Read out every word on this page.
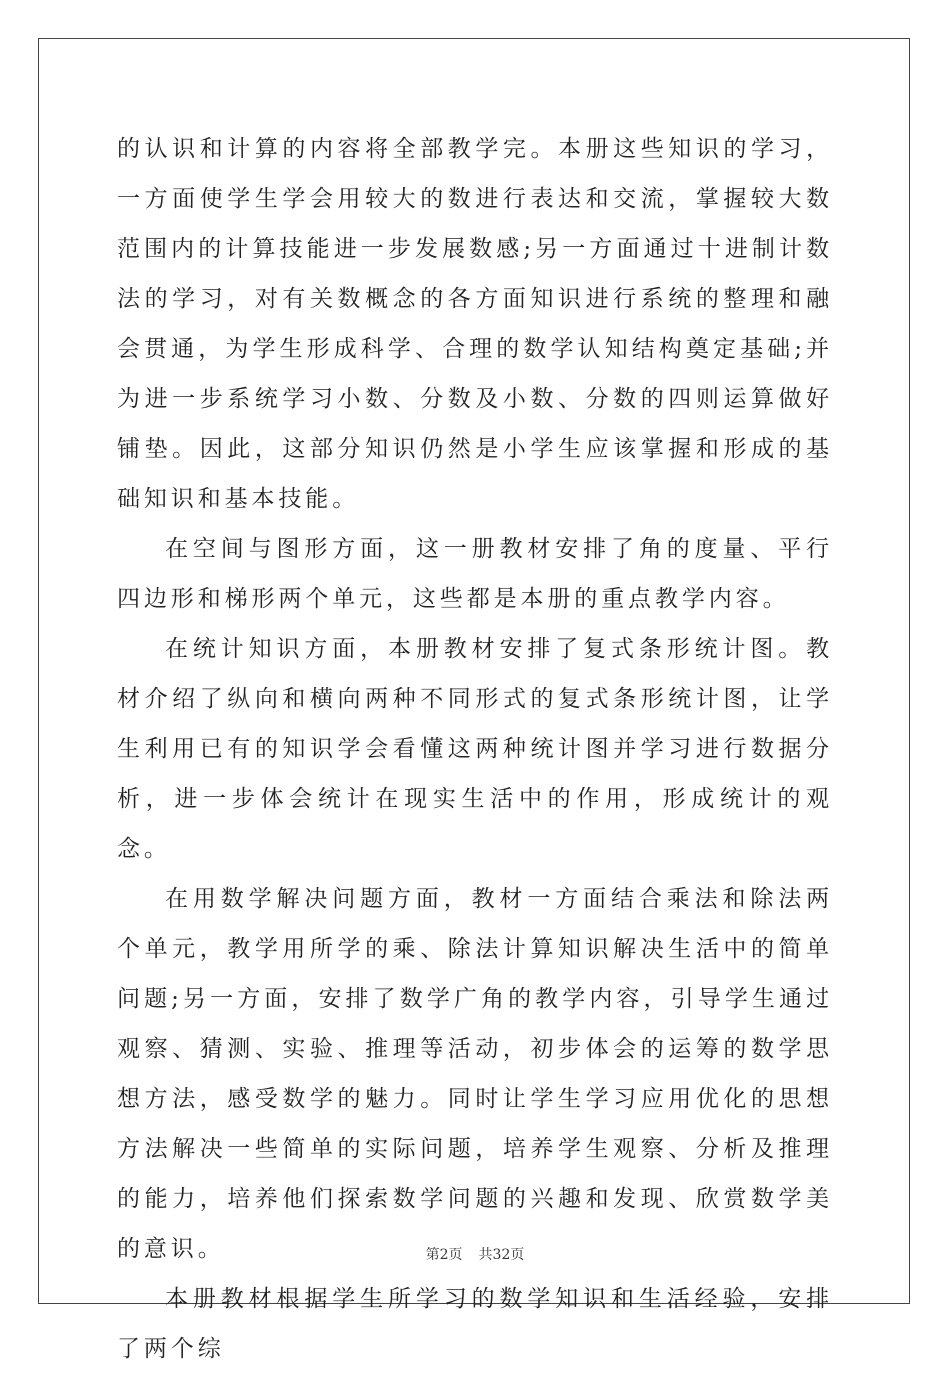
的认识和计算的内容将全部教学完。本册这些知识的学习，一方面使学生学会用较大的数进行表达和交流，掌握较大数范围内的计算技能进一步发展数感;另一方面通过十进制计数法的学习，对有关数概念的各方面知识进行系统的整理和融会贯通，为学生形成科学、合理的数学认知结构奠定基础;并为进一步系统学习小数、分数及小数、分数的四则运算做好铺垫。因此，这部分知识仍然是小学生应该掌握和形成的基础知识和基本技能。

在空间与图形方面，这一册教材安排了角的度量、平行四边形和梯形两个单元，这些都是本册的重点教学内容。

在统计知识方面，本册教材安排了复式条形统计图。教材介绍了纵向和横向两种不同形式的复式条形统计图，让学生利用已有的知识学会看懂这两种统计图并学习进行数据分析，进一步体会统计在现实生活中的作用，形成统计的观念。

在用数学解决问题方面，教材一方面结合乘法和除法两个单元，教学用所学的乘、除法计算知识解决生活中的简单问题;另一方面，安排了数学广角的教学内容，引导学生通过观察、猜测、实验、推理等活动，初步体会的运筹的数学思想方法，感受数学的魅力。同时让学生学习应用优化的思想方法解决一些简单的实际问题，培养学生观察、分析及推理的能力，培养他们探索数学问题的兴趣和发现、欣赏数学美的意识。

本册教材根据学生所学习的数学知识和生活经验，安排了两个综

第2页 共32页
